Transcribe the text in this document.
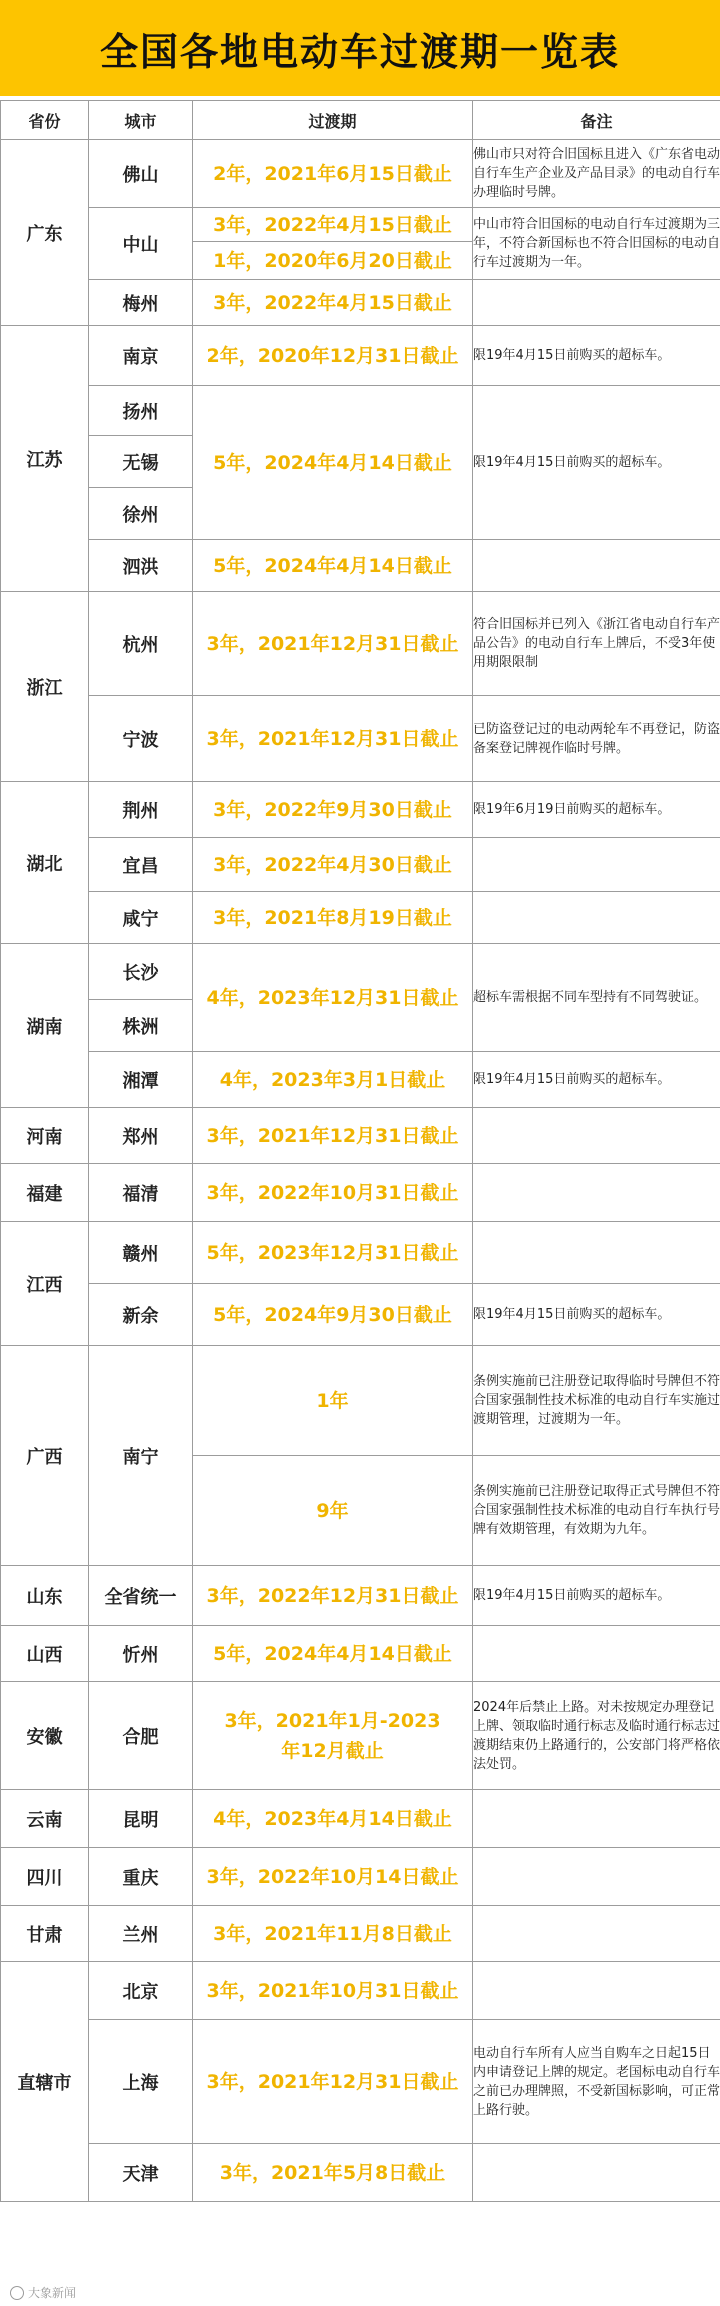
全国各地电动车过渡期一览表
省份	城市	过渡期	备注
广东	佛山	2年，2021年6月15日截止	佛山市只对符合旧国标且进入《广东省电动自行车生产企业及产品目录》的电动自行车办理临时号牌。
	中山	3年，2022年4月15日截止	中山市符合旧国标的电动自行车过渡期为三年，不符合新国标也不符合旧国标的电动自行车过渡期为一年。
		1年，2020年6月20日截止	
	梅州	3年，2022年4月15日截止	
江苏	南京	2年，2020年12月31日截止	限19年4月15日前购买的超标车。
	扬州	5年，2024年4月14日截止	限19年4月15日前购买的超标车。
	无锡		
	徐州		
	泗洪	5年，2024年4月14日截止	
浙江	杭州	3年，2021年12月31日截止	符合旧国标并已列入《浙江省电动自行车产品公告》的电动自行车上牌后，不受3年使用期限限制
	宁波	3年，2021年12月31日截止	已防盗登记过的电动两轮车不再登记，防盗备案登记牌视作临时号牌。
湖北	荆州	3年，2022年9月30日截止	限19年6月19日前购买的超标车。
	宜昌	3年，2022年4月30日截止	
	咸宁	3年，2021年8月19日截止	
湖南	长沙	4年，2023年12月31日截止	超标车需根据不同车型持有不同驾驶证。
	株洲		
	湘潭	4年，2023年3月1日截止	限19年4月15日前购买的超标车。
河南	郑州	3年，2021年12月31日截止	
福建	福清	3年，2022年10月31日截止	
江西	赣州	5年，2023年12月31日截止	
	新余	5年，2024年9月30日截止	限19年4月15日前购买的超标车。
广西	南宁	1年	条例实施前已注册登记取得临时号牌但不符合国家强制性技术标准的电动自行车实施过渡期管理，过渡期为一年。
		9年	条例实施前已注册登记取得正式号牌但不符合国家强制性技术标准的电动自行车执行号牌有效期管理，有效期为九年。
山东	全省统一	3年，2022年12月31日截止	限19年4月15日前购买的超标车。
山西	忻州	5年，2024年4月14日截止	
安徽	合肥	3年，2021年1月-2023年12月截止	2024年后禁止上路。对未按规定办理登记上牌、领取临时通行标志及临时通行标志过渡期结束仍上路通行的，公安部门将严格依法处罚。
云南	昆明	4年，2023年4月14日截止	
四川	重庆	3年，2022年10月14日截止	
甘肃	兰州	3年，2021年11月8日截止	
直辖市	北京	3年，2021年10月31日截止	
	上海	3年，2021年12月31日截止	电动自行车所有人应当自购车之日起15日内申请登记上牌的规定。老国标电动自行车之前已办理牌照，不受新国标影响，可正常上路行驶。
	天津	3年，2021年5月8日截止	
大象新闻
